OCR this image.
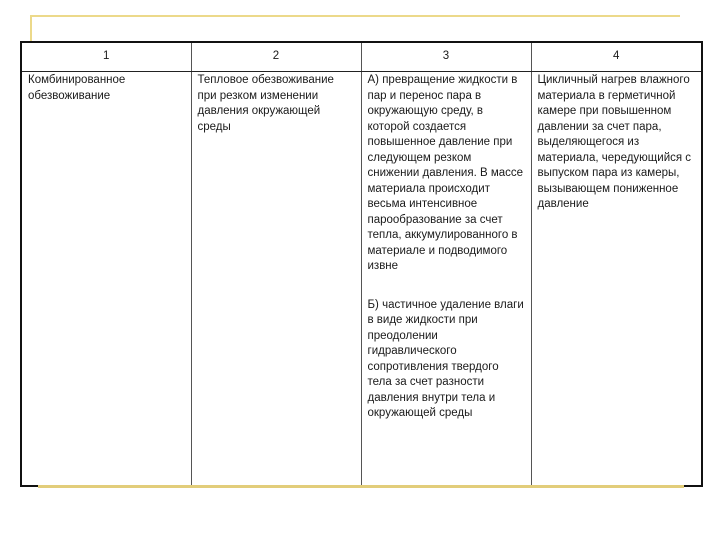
1	2	3	4

Комбинированное обезвоживание	Тепловое обезвоживание при резком изменении давления окружающей среды	А) превращение жидкости в пар и перенос пара в окружающую среду, в которой создается повышенное давление при следующем резком снижении давления. В массе материала происходит весьма интенсивное парообразование за счет тепла, аккумулированного в материале и подводимого извне
Б) частичное удаление влаги в виде жидкости при преодолении гидравлического сопротивления твердого тела за счет разности давления внутри тела и окружающей среды	Цикличный нагрев влажного материала в герметичной камере при повышенном давлении за счет пара, выделяющегося из материала, чередующийся с выпуском пара из камеры, вызывающем пониженное давление
